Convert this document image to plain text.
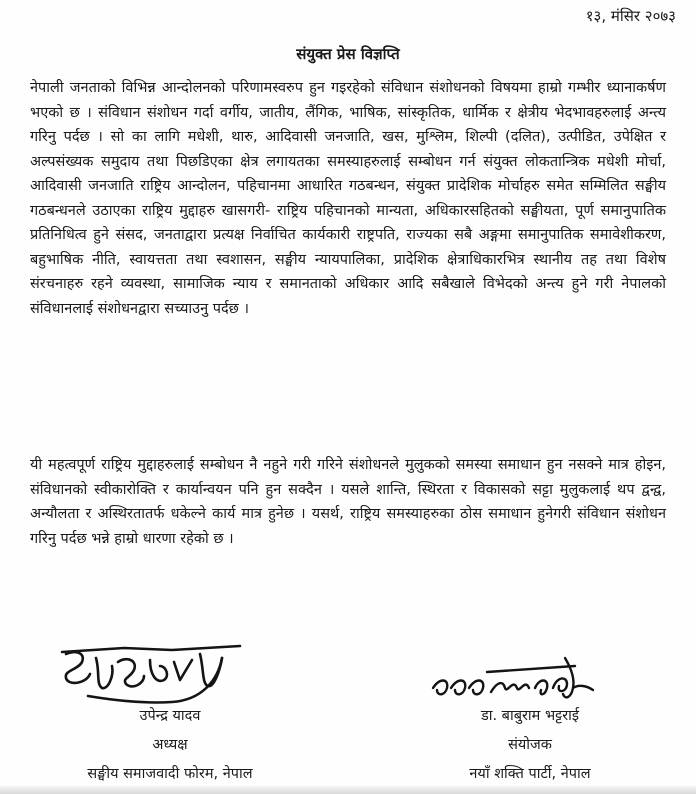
१३, मंसिर २०७३
संयुक्त प्रेस विज्ञप्ति
नेपाली जनताको विभिन्न आन्दोलनको परिणामस्वरुप हुन गइरहेको संविधान संशोधनको विषयमा हाम्रो गम्भीर ध्यानाकर्षण भएको छ । संविधान संशोधन गर्दा वर्गीय, जातीय, लैंगिक, भाषिक, सांस्कृतिक, धार्मिक र क्षेत्रीय भेदभावहरुलाई अन्त्य गरिनु पर्दछ । सो का लागि मधेशी, थारु, आदिवासी जनजाति, खस, मुश्लिम, शिल्पी (दलित), उत्पीडित, उपेक्षित र अल्पसंख्यक समुदाय तथा पिछडिएका क्षेत्र लगायतका समस्याहरुलाई सम्बोधन गर्न संयुक्त लोकतान्त्रिक मधेशी मोर्चा, आदिवासी जनजाति राष्ट्रिय आन्दोलन, पहिचानमा आधारित गठबन्धन, संयुक्त प्रादेशिक मोर्चाहरु समेत सम्मिलित सङ्घीय गठबन्धनले उठाएका राष्ट्रिय मुद्दाहरु खासगरी- राष्ट्रिय पहिचानको मान्यता, अधिकारसहितको सङ्घीयता, पूर्ण समानुपातिक प्रतिनिधित्व हुने संसद, जनताद्वारा प्रत्यक्ष निर्वाचित कार्यकारी राष्ट्रपति, राज्यका सबै अङ्गमा समानुपातिक समावेशीकरण, बहुभाषिक नीति, स्वायत्तता तथा स्वशासन, सङ्घीय न्यायपालिका, प्रादेशिक क्षेत्राधिकारभित्र स्थानीय तह तथा विशेष संरचनाहरु रहने व्यवस्था, सामाजिक न्याय र समानताको अधिकार आदि सबैखाले विभेदको अन्त्य हुने गरी नेपालको संविधानलाई संशोधनद्वारा सच्याउनु पर्दछ ।
यी महत्वपूर्ण राष्ट्रिय मुद्दाहरुलाई सम्बोधन नै नहुने गरी गरिने संशोधनले मुलुकको समस्या समाधान हुन नसक्ने मात्र होइन, संविधानको स्वीकारोक्ति र कार्यान्वयन पनि हुन सक्दैन । यसले शान्ति, स्थिरता र विकासको सट्टा मुलुकलाई थप द्वन्द्व, अन्यौलता र अस्थिरतातर्फ धकेल्ने कार्य मात्र हुनेछ । यसर्थ, राष्ट्रिय समस्याहरुका ठोस समाधान हुनेगरी संविधान संशोधन गरिनु पर्दछ भन्ने हाम्रो धारणा रहेको छ ।
उपेन्द्र यादव
अध्यक्ष
सङ्घीय समाजवादी फोरम, नेपाल
डा. बाबुराम भट्टराई
संयोजक
नयाँ शक्ति पार्टी, नेपाल
